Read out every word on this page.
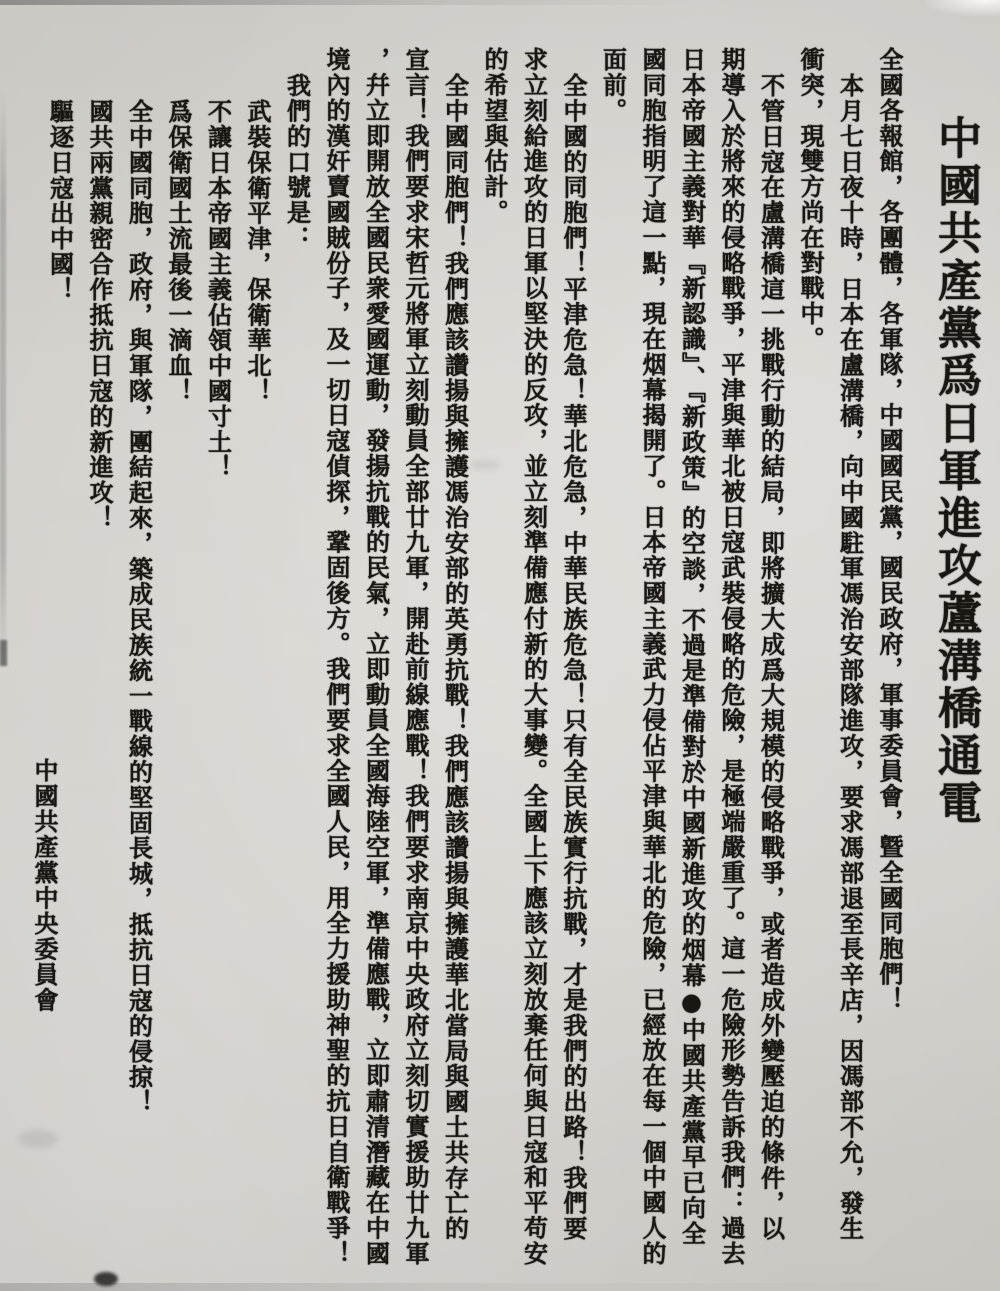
中國共產黨爲日軍進攻蘆溝橋通電

全國各報館，各團體，各軍隊，中國國民黨，國民政府，軍事委員會，曁全國同胞們！

本月七日夜十時，日本在盧溝橋，向中國駐軍馮治安部隊進攻，要求馮部退至長辛店，因馮部不允，發生

衝突，現雙方尚在對戰中。

不管日寇在盧溝橋這一挑戰行動的結局，即將擴大成爲大規模的侵略戰爭，或者造成外變壓迫的條件，以

期導入於將來的侵略戰爭，平津與華北被日寇武裝侵略的危險，是極端嚴重了。這一危險形勢告訴我們：過去

日本帝國主義對華『新認識』、『新政策』的空談，不過是準備對於中國新進攻的烟幕●中國共產黨早已向全

國同胞指明了這一點，現在烟幕揭開了。日本帝國主義武力侵佔平津與華北的危險，已經放在每一個中國人的

面前。

全中國的同胞們！平津危急！華北危急，中華民族危急！只有全民族實行抗戰，才是我們的出路！我們要

求立刻給進攻的日軍以堅決的反攻，並立刻準備應付新的大事變。全國上下應該立刻放棄任何與日寇和平苟安

的希望與估計。

全中國同胞們！我們應該讚揚與擁護馮治安部的英勇抗戰！我們應該讚揚與擁護華北當局與國土共存亡的

宣言！我們要求宋哲元將軍立刻動員全部廿九軍，開赴前線應戰！我們要求南京中央政府立刻切實援助廿九軍

，幷立即開放全國民衆愛國運動，發揚抗戰的民氣，立即動員全國海陸空軍，準備應戰，立即肅清潛藏在中國

境內的漢奸賣國賊份子，及一切日寇偵探，鞏固後方。我們要求全國人民，用全力援助神聖的抗日自衛戰爭！

我們的口號是：

武裝保衛平津，保衛華北！

不讓日本帝國主義佔領中國寸土！

爲保衛國土流最後一滴血！

全中國同胞，政府，與軍隊，團結起來，築成民族統一戰線的堅固長城，抵抗日寇的侵掠！

國共兩黨親密合作抵抗日寇的新進攻！

驅逐日寇出中國！

中國共產黨中央委員會
